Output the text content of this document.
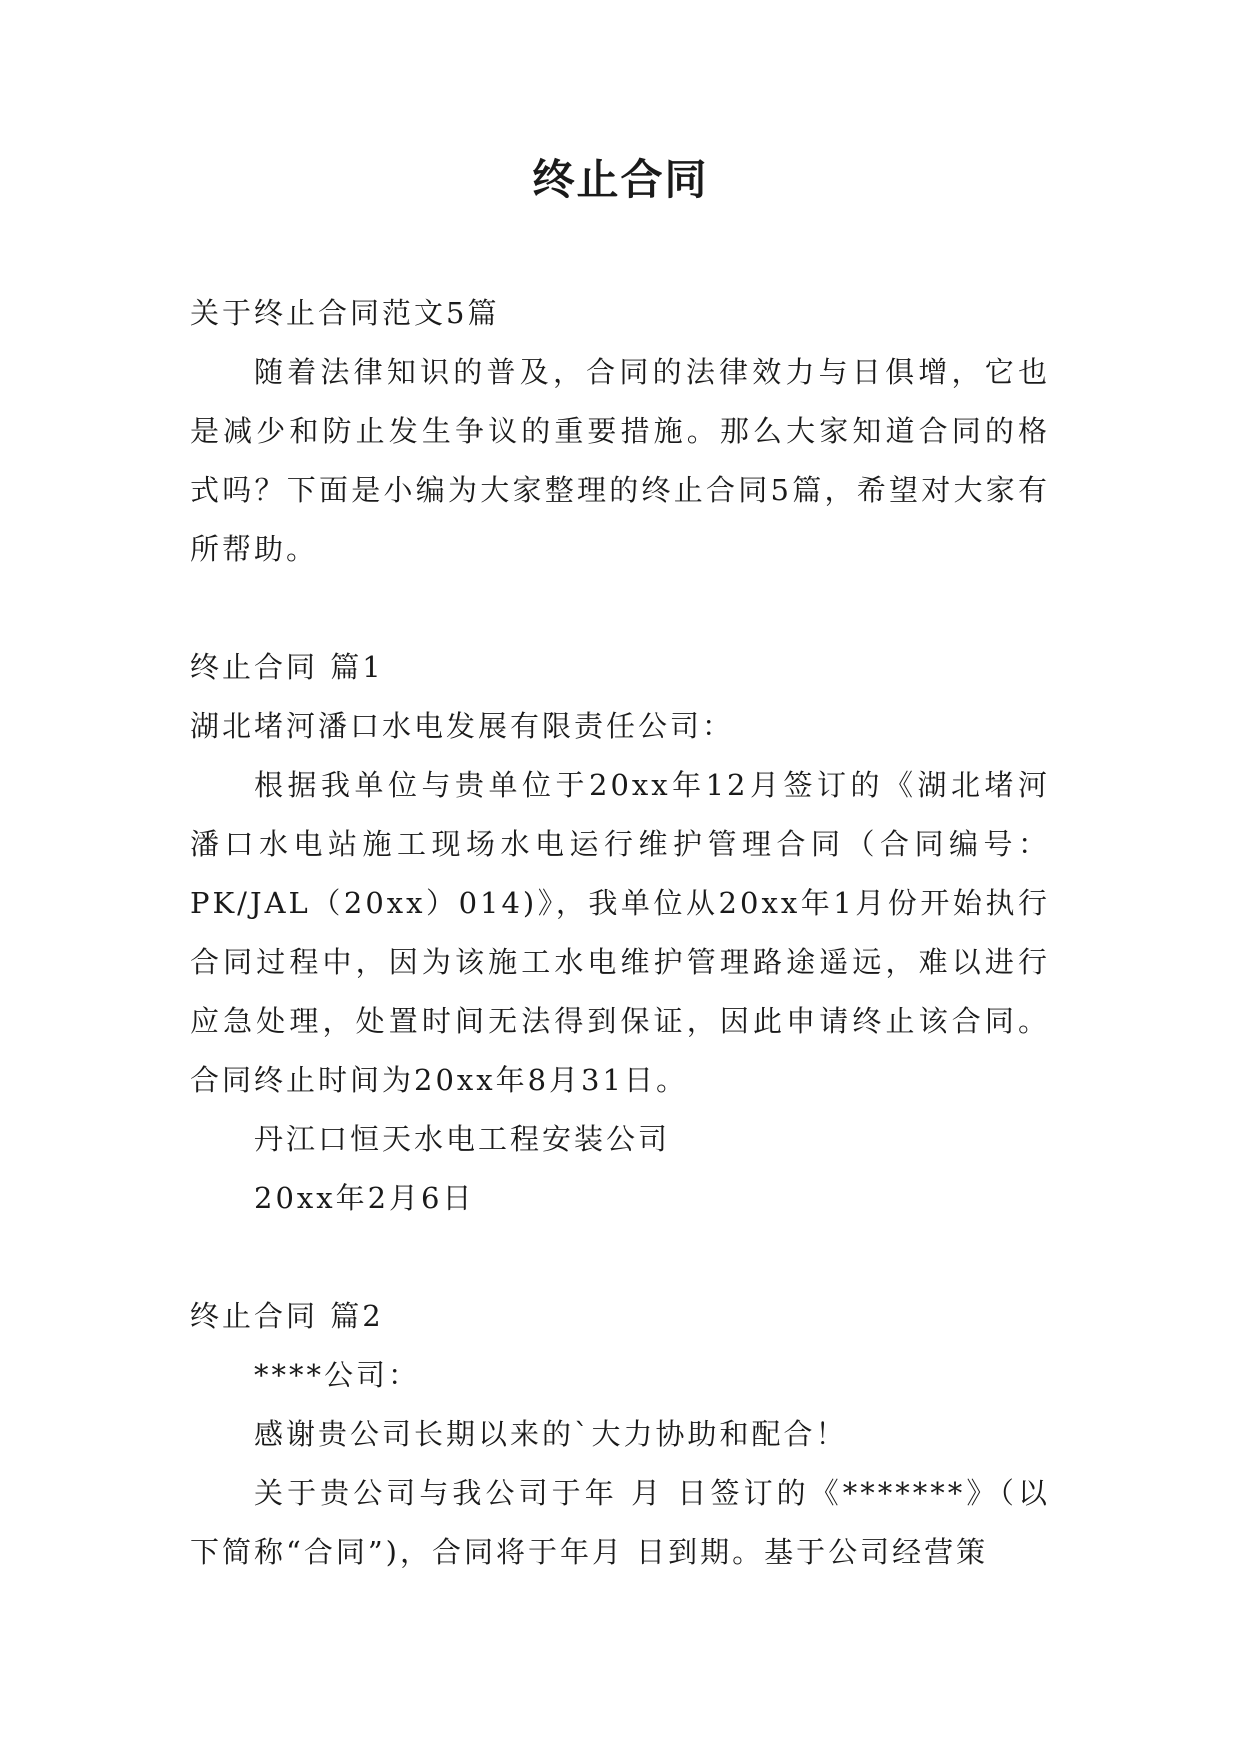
终止合同

关于终止合同范文5篇

随着法律知识的普及，合同的法律效力与日俱增，它也是减少和防止发生争议的重要措施。那么大家知道合同的格式吗？下面是小编为大家整理的终止合同5篇，希望对大家有所帮助。

终止合同 篇1

湖北堵河潘口水电发展有限责任公司：

根据我单位与贵单位于20xx年12月签订的《湖北堵河潘口水电站施工现场水电运行维护管理合同（合同编号：PK/JAL（20xx）014)》，我单位从20xx年1月份开始执行合同过程中，因为该施工水电维护管理路途遥远，难以进行应急处理，处置时间无法得到保证，因此申请终止该合同。合同终止时间为20xx年8月31日。

丹江口恒天水电工程安装公司

20xx年2月6日

终止合同 篇2

****公司：

感谢贵公司长期以来的`大力协助和配合！

关于贵公司与我公司于年 月 日签订的《*******》（以下简称“合同”)，合同将于年月 日到期。基于公司经营策
